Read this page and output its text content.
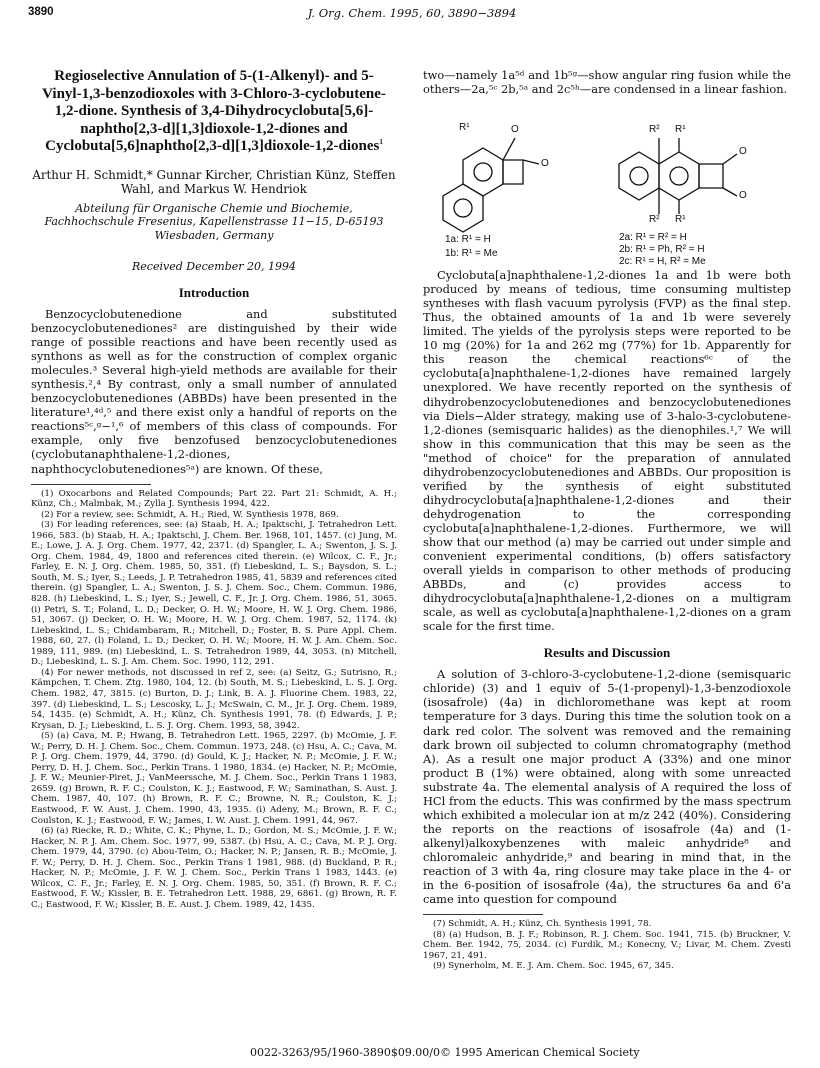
3890	J. Org. Chem. 1995, 60, 3890−3894
Regioselective Annulation of 5-(1-Alkenyl)- and 5-Vinyl-1,3-benzodioxoles with 3-Chloro-3-cyclobutene-1,2-dione. Synthesis of 3,4-Dihydrocyclobuta[5,6]-naphtho[2,3-d][1,3]dioxole-1,2-diones and Cyclobuta[5,6]naphtho[2,3-d][1,3]dioxole-1,2-diones$^1$
Arthur H. Schmidt,* Gunnar Kircher, Christian Künz, Steffen Wahl, and Markus W. Hendriok
Abteilung für Organische Chemie und Biochemie, Fachhochschule Fresenius, Kapellenstrasse 11−15, D-65193 Wiesbaden, Germany
Received December 20, 1994
Introduction

Benzocyclobutenedione and substituted benzocyclobutenediones² are distinguished by their wide range of possible reactions and have been recently used as synthons as well as for the construction of complex organic molecules.³ Several high-yield methods are available for their synthesis.²,⁴ By contrast, only a small number of annulated benzocyclobutenediones (ABBDs) have been presented in the literature¹,⁴ᵈ,⁵ and there exist only a handful of reports on the reactions⁵ᶜ,ᵍ−¹,⁶ of members of this class of compounds. For example, only five benzofused benzocyclobutenediones (cyclobutanaphthalene-1,2-diones, naphthocyclobutenediones⁵ᵃ) are known. Of these,

(1) Oxocarbons and Related Compounds; Part 22. Part 21: Schmidt, A. H.; Künz, Ch.; Malmbak, M.; Zylla J. Synthesis 1994, 422.

(2) For a review, see: Schmidt, A. H.; Ried, W. Synthesis 1978, 869.

(3) For leading references, see: (a) Staab, H. A.; Ipaktschi, J. Tetrahedron Lett. 1966, 583. (b) Staab, H. A.; Ipaktschi, J. Chem. Ber. 1968, 101, 1457. (c) Jung, M. E.; Lowe, J. A. J. Org. Chem. 1977, 42, 2371. (d) Spangler, L. A.; Swenton, J. S. J. Org. Chem. 1984, 49, 1800 and references cited therein. (e) Wilcox, C. F., Jr.; Farley, E. N. J. Org. Chem. 1985, 50, 351. (f) Liebeskind, L. S.; Baysdon, S. L.; South, M. S.; Iyer, S.; Leeds, J. P. Tetrahedron 1985, 41, 5839 and references cited therein. (g) Spangler, L. A.; Swenton, J. S. J. Chem. Soc., Chem. Commun. 1986, 828. (h) Liebeskind, L. S.; Iyer, S.; Jewell, C. F., Jr. J. Org. Chem. 1986, 51, 3065. (i) Petri, S. T.; Foland, L. D.; Decker, O. H. W.; Moore, H. W. J. Org. Chem. 1986, 51, 3067. (j) Decker, O. H. W.; Moore, H. W. J. Org. Chem. 1987, 52, 1174. (k) Liebeskind, L. S.; Chidambaram, R.; Mitchell, D.; Foster, B. S. Pure Appl. Chem. 1988, 60, 27. (l) Foland, L. D.; Decker, O. H. W.; Moore, H. W. J. Am. Chem. Soc. 1989, 111, 989. (m) Liebeskind, L. S. Tetrahedron 1989, 44, 3053. (n) Mitchell, D.; Liebeskind, L. S. J. Am. Chem. Soc. 1990, 112, 291.

(4) For newer methods, not discussed in ref 2, see: (a) Seitz, G.; Sutrisno, R.; Kämpchen, T. Chem. Ztg. 1980, 104, 12. (b) South, M. S.; Liebeskind, L. S. J. Org. Chem. 1982, 47, 3815. (c) Burton, D. J.; Link, B. A. J. Fluorine Chem. 1983, 22, 397. (d) Liebeskind, L. S.; Lescosky, L. J.; McSwain, C. M., Jr. J. Org. Chem. 1989, 54, 1435. (e) Schmidt, A. H.; Künz, Ch. Synthesis 1991, 78. (f) Edwards, J. P.; Krysan, D. J.; Liebeskind, L. S. J. Org. Chem. 1993, 58, 3942.

(5) (a) Cava, M. P.; Hwang, B. Tetrahedron Lett. 1965, 2297. (b) McOmie, J. F. W.; Perry, D. H. J. Chem. Soc., Chem. Commun. 1973, 248. (c) Hsu, A. C.; Cava, M. P. J. Org. Chem. 1979, 44, 3790. (d) Gould, K. J.; Hacker, N. P.; McOmie, J. F. W.; Perry, D. H. J. Chem. Soc., Perkin Trans. 1 1980, 1834. (e) Hacker, N. P.; McOmie, J. F. W.; Meunier-Piret, J.; VanMeerssche, M. J. Chem. Soc., Perkin Trans 1 1983, 2659. (g) Brown, R. F. C.; Coulston, K. J.; Eastwood, F. W.; Saminathan, S. Aust. J. Chem. 1987, 40, 107. (h) Brown, R. F. C.; Browne, N. R.; Coulston, K. J.; Eastwood, F. W. Aust. J. Chem. 1990, 43, 1935. (i) Adeny, M.; Brown, R. F. C.; Coulston, K. J.; Eastwood, F. W.; James, I. W. Aust. J. Chem. 1991, 44, 967.

(6) (a) Riecke, R. D.; White, C. K.; Phyne, L. D.; Gordon, M. S.; McOmie, J. F. W.; Hacker, N. P. J. Am. Chem. Soc. 1977, 99, 5387. (b) Hsu, A. C.; Cava, M. P. J. Org. Chem. 1979, 44, 3790. (c) Abou-Teim, O.; Hacker, N. P.; Jansen, R. B.; McOmie, J. F. W.; Perry, D. H. J. Chem. Soc., Perkin Trans 1 1981, 988. (d) Buckland, P. R.; Hacker, N. P.; McOmie, J. F. W. J. Chem. Soc., Perkin Trans 1 1983, 1443. (e) Wilcox, C. F., Jr.; Farley, E. N. J. Org. Chem. 1985, 50, 351. (f) Brown, R. F. C.; Eastwood, F. W.; Kissler, B. E. Tetrahedron Lett. 1988, 29, 6861. (g) Brown, R. F. C.; Eastwood, F. W.; Kissler, B. E. Aust. J. Chem. 1989, 42, 1435.

two—namely 1a⁵ᵈ and 1b⁵ᵍ—show angular ring fusion while the others—2a,⁵ᶜ 2b,⁵ᵃ and 2c⁵ʰ—are condensed in a linear fashion.

R¹	O
O
R² R¹
O
O
R² R¹
1a: R¹ = H
1b: R¹ = Me
2a: R¹ = R² = H
2b: R¹ = Ph, R² = H
2c: R¹ = H, R² = Me

Cyclobuta[a]naphthalene-1,2-diones 1a and 1b were both produced by means of tedious, time consuming multistep syntheses with flash vacuum pyrolysis (FVP) as the final step. Thus, the obtained amounts of 1a and 1b were severely limited. The yields of the pyrolysis steps were reported to be 10 mg (20%) for 1a and 262 mg (77%) for 1b. Apparently for this reason the chemical reactions⁶ᶜ of the cyclobuta[a]naphthalene-1,2-diones have remained largely unexplored. We have recently reported on the synthesis of dihydrobenzocyclobutenediones and benzocyclobutenediones via Diels−Alder strategy, making use of 3-halo-3-cyclobutene-1,2-diones (semisquaric halides) as the dienophiles.¹,⁷ We will show in this communication that this may be seen as the "method of choice" for the preparation of annulated dihydrobenzocyclobutenediones and ABBDs. Our proposition is verified by the synthesis of eight substituted dihydrocyclobuta[a]naphthalene-1,2-diones and their dehydrogenation to the corresponding cyclobuta[a]naphthalene-1,2-diones. Furthermore, we will show that our method (a) may be carried out under simple and convenient experimental conditions, (b) offers satisfactory overall yields in comparison to other methods of producing ABBDs, and (c) provides access to dihydrocyclobuta[a]naphthalene-1,2-diones on a multigram scale, as well as cyclobuta[a]naphthalene-1,2-diones on a gram scale for the first time.

Results and Discussion

A solution of 3-chloro-3-cyclobutene-1,2-dione (semisquaric chloride) (3) and 1 equiv of 5-(1-propenyl)-1,3-benzodioxole (isosafrole) (4a) in dichloromethane was kept at room temperature for 3 days. During this time the solution took on a dark red color. The solvent was removed and the remaining dark brown oil subjected to column chromatography (method A). As a result one major product A (33%) and one minor product B (1%) were obtained, along with some unreacted substrate 4a. The elemental analysis of A required the loss of HCl from the educts. This was confirmed by the mass spectrum which exhibited a molecular ion at m/z 242 (40%). Considering the reports on the reactions of isosafrole (4a) and (1-alkenyl)alkoxybenzenes with maleic anhydride⁸ and chloromaleic anhydride,⁹ and bearing in mind that, in the reaction of 3 with 4a, ring closure may take place in the 4- or in the 6-position of isosafrole (4a), the structures 6a and 6'a came into question for compound

(7) Schmidt, A. H.; Künz, Ch. Synthesis 1991, 78.

(8) (a) Hudson, B. J. F.; Robinson, R. J. Chem. Soc. 1941, 715. (b) Bruckner, V. Chem. Ber. 1942, 75, 2034. (c) Furdik, M.; Konecny, V.; Livar, M. Chem. Zvesti 1967, 21, 491.

(9) Synerholm, M. E. J. Am. Chem. Soc. 1945, 67, 345.

0022-3263/95/1960-3890$09.00/0 © 1995 American Chemical Society
